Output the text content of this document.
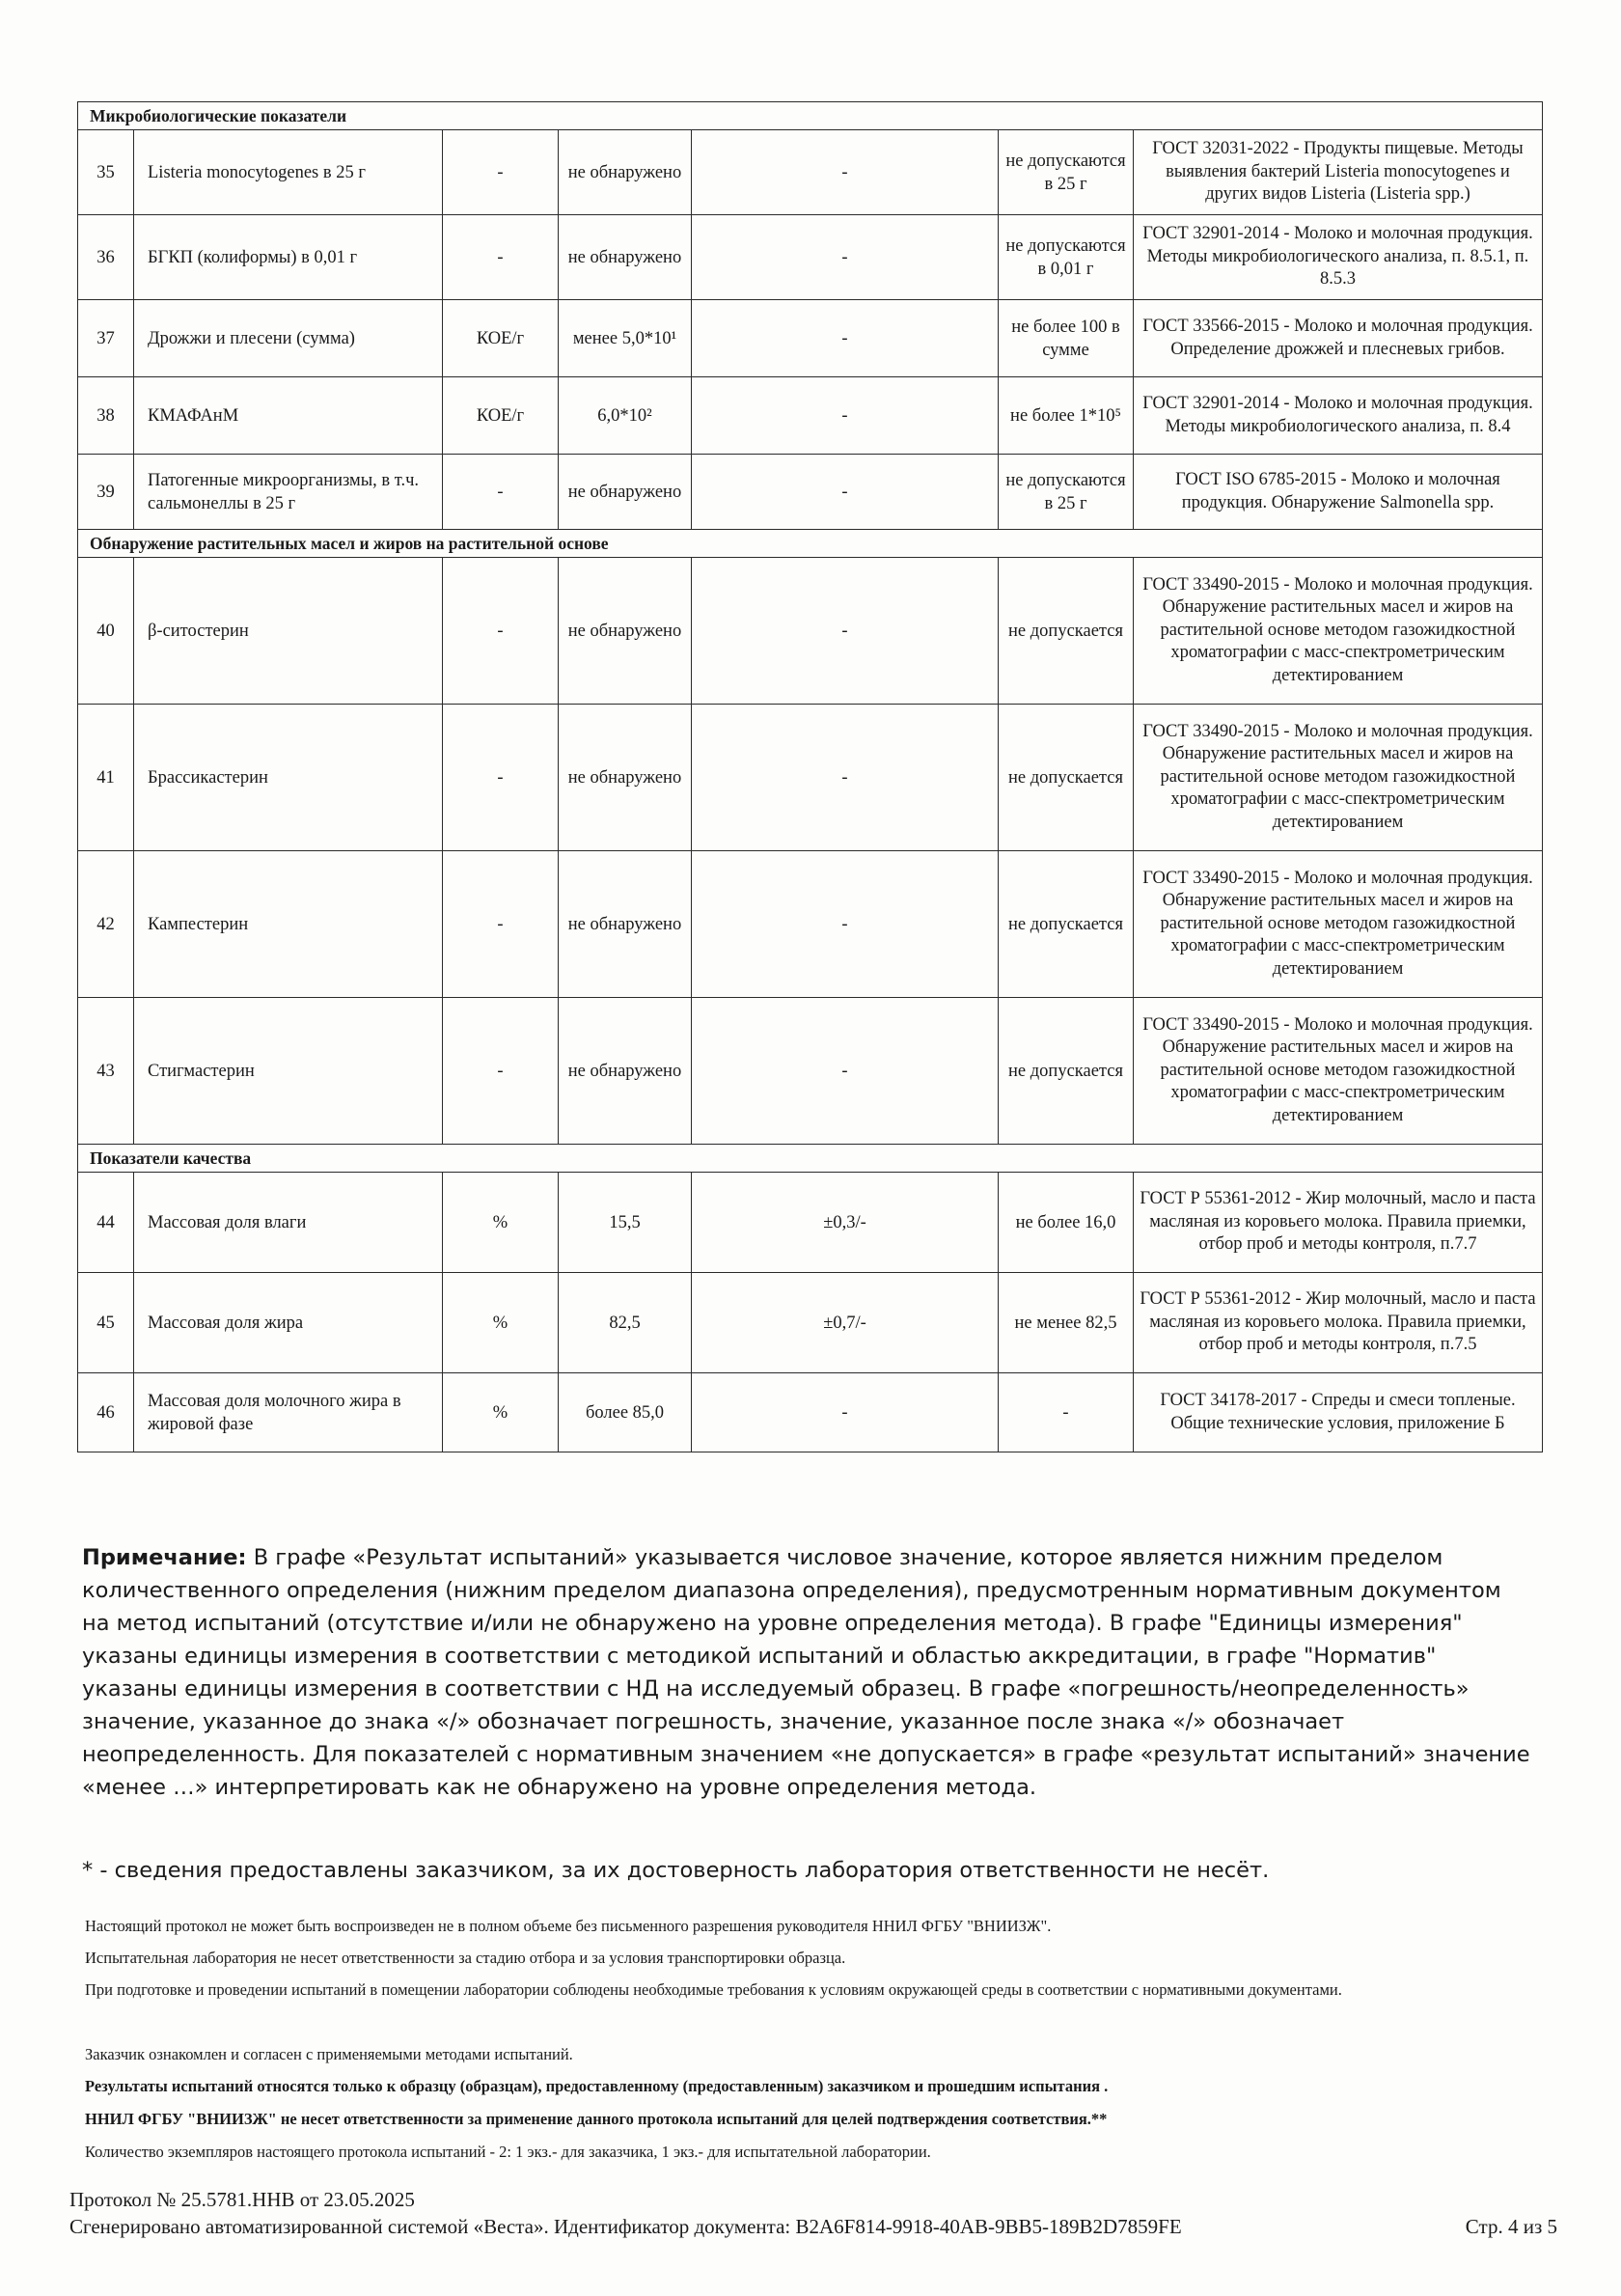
Микробиологические показатели						
35	Listeria monocytogenes в 25 г	-	не обнаружено	-	не допускаются в 25 г	ГОСТ 32031-2022 - Продукты пищевые. Методы выявления бактерий Listeria monocytogenes и других видов Listeria (Listeria spp.)
36	БГКП (колиформы) в 0,01 г	-	не обнаружено	-	не допускаются в 0,01 г	ГОСТ 32901-2014 - Молоко и молочная продукция. Методы микробиологического анализа, п. 8.5.1, п. 8.5.3
37	Дрожжи и плесени (сумма)	КОЕ/г	менее 5,0*10¹	-	не более 100 в сумме	ГОСТ 33566-2015 - Молоко и молочная продукция. Определение дрожжей и плесневых грибов.
38	КМАФАнМ	КОЕ/г	6,0*10²	-	не более 1*10⁵	ГОСТ 32901-2014 - Молоко и молочная продукция. Методы микробиологического анализа, п. 8.4
39	Патогенные микроорганизмы, в т.ч. сальмонеллы в 25 г	-	не обнаружено	-	не допускаются в 25 г	ГОСТ ISO 6785-2015 - Молоко и молочная продукция. Обнаружение Salmonella spp.
Обнаружение растительных масел и жиров на растительной основе						
40	β-ситостерин	-	не обнаружено	-	не допускается	ГОСТ 33490-2015 - Молоко и молочная продукция. Обнаружение растительных масел и жиров на растительной основе методом газожидкостной хроматографии с масс-спектрометрическим детектированием
41	Брассикастерин	-	не обнаружено	-	не допускается	ГОСТ 33490-2015 - Молоко и молочная продукция. Обнаружение растительных масел и жиров на растительной основе методом газожидкостной хроматографии с масс-спектрометрическим детектированием
42	Кампестерин	-	не обнаружено	-	не допускается	ГОСТ 33490-2015 - Молоко и молочная продукция. Обнаружение растительных масел и жиров на растительной основе методом газожидкостной хроматографии с масс-спектрометрическим детектированием
43	Стигмастерин	-	не обнаружено	-	не допускается	ГОСТ 33490-2015 - Молоко и молочная продукция. Обнаружение растительных масел и жиров на растительной основе методом газожидкостной хроматографии с масс-спектрометрическим детектированием
Показатели качества						
44	Массовая доля влаги	%	15,5	±0,3/-	не более 16,0	ГОСТ Р 55361-2012 - Жир молочный, масло и паста масляная из коровьего молока. Правила приемки, отбор проб и методы контроля, п.7.7
45	Массовая доля жира	%	82,5	±0,7/-	не менее 82,5	ГОСТ Р 55361-2012 - Жир молочный, масло и паста масляная из коровьего молока. Правила приемки, отбор проб и методы контроля, п.7.5
46	Массовая доля молочного жира в жировой фазе	%	более 85,0	-	-	ГОСТ 34178-2017 - Спреды и смеси топленые. Общие технические условия, приложение Б

Примечание: В графе «Результат испытаний» указывается числовое значение, которое является нижним пределом количественного определения (нижним пределом диапазона определения), предусмотренным нормативным документом на метод испытаний (отсутствие и/или не обнаружено на уровне определения метода). В графе "Единицы измерения" указаны единицы измерения в соответствии с методикой испытаний и областью аккредитации, в графе "Норматив" указаны единицы измерения в соответствии с НД на исследуемый образец. В графе «погрешность/неопределенность» значение, указанное до знака «/» обозначает погрешность, значение, указанное после знака «/» обозначает неопределенность. Для показателей с нормативным значением «не допускается» в графе «результат испытаний» значение «менее …» интерпретировать как не обнаружено на уровне определения метода.

* - сведения предоставлены заказчиком, за их достоверность лаборатория ответственности не несёт.

Настоящий протокол не может быть воспроизведен не в полном объеме без письменного разрешения руководителя ННИЛ ФГБУ "ВНИИЗЖ".

Испытательная лаборатория не несет ответственности за стадию отбора и за условия транспортировки образца.

При подготовке и проведении испытаний в помещении лаборатории соблюдены необходимые требования к условиям окружающей среды в соответствии с нормативными документами.

Заказчик ознакомлен и согласен с применяемыми методами испытаний.

Результаты испытаний относятся только к образцу (образцам), предоставленному (предоставленным) заказчиком и прошедшим испытания .

ННИЛ ФГБУ "ВНИИЗЖ" не несет ответственности за применение данного протокола испытаний для целей подтверждения соответствия.**

Количество экземпляров настоящего протокола испытаний - 2: 1 экз.- для заказчика, 1 экз.- для испытательной лаборатории.

Протокол № 25.5781.ННВ от 23.05.2025

Сгенерировано автоматизированной системой «Веста». Идентификатор документа: B2A6F814-9918-40AB-9BB5-189B2D7859FE	Стр. 4 из 5
